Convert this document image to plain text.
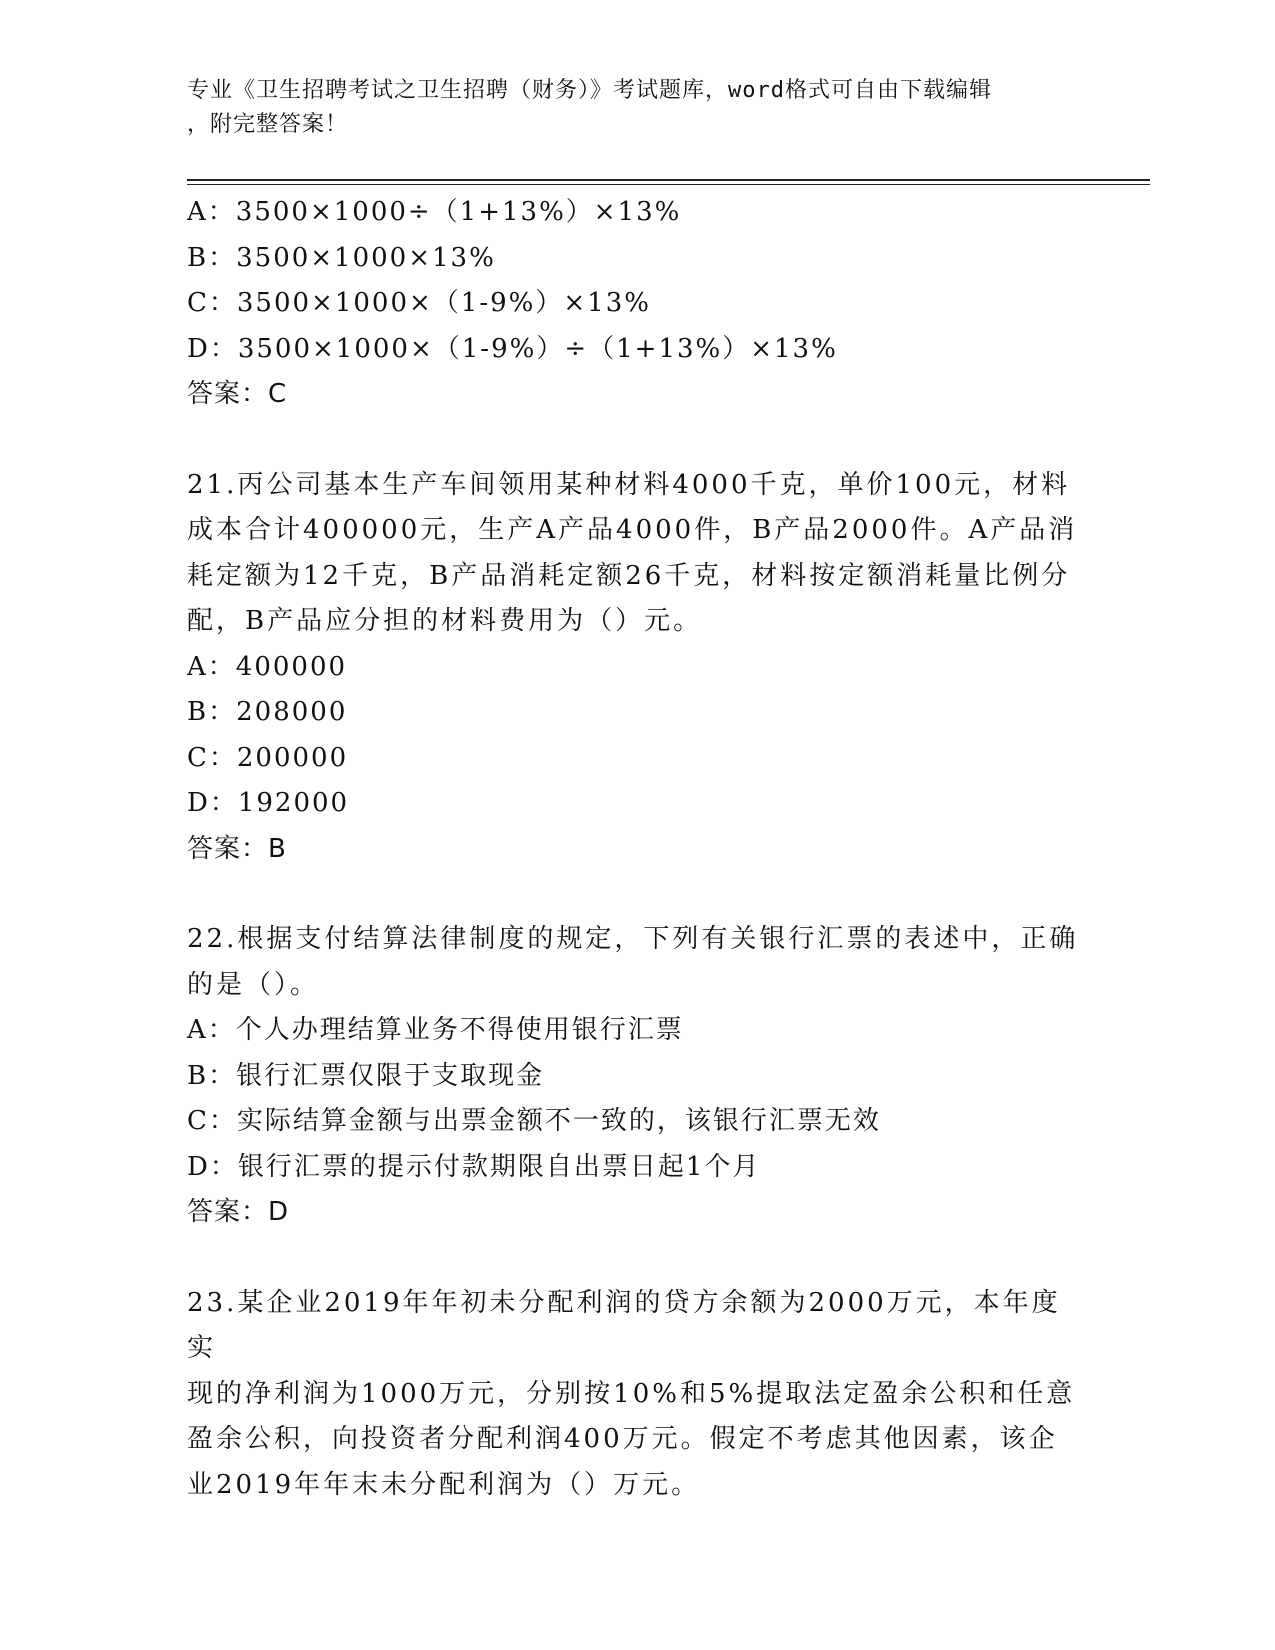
专业《卫生招聘考试之卫生招聘（财务）》考试题库，word格式可自由下载编辑
，附完整答案！
A：3500×1000÷（1+13%）×13%
B：3500×1000×13%
C：3500×1000×（1-9%）×13%
D：3500×1000×（1-9%）÷（1+13%）×13%
答案：C
21.丙公司基本生产车间领用某种材料4000千克，单价100元，材料
成本合计400000元，生产A产品4000件，B产品2000件。A产品消
耗定额为12千克，B产品消耗定额26千克，材料按定额消耗量比例分
配，B产品应分担的材料费用为（）元。
A：400000
B：208000
C：200000
D：192000
答案：B
22.根据支付结算法律制度的规定，下列有关银行汇票的表述中，正确
的是（）。
A：个人办理结算业务不得使用银行汇票
B：银行汇票仅限于支取现金
C：实际结算金额与出票金额不一致的，该银行汇票无效
D：银行汇票的提示付款期限自出票日起1个月
答案：D
23.某企业2019年年初未分配利润的贷方余额为2000万元，本年度实
现的净利润为1000万元，分别按10%和5%提取法定盈余公积和任意
盈余公积，向投资者分配利润400万元。假定不考虑其他因素，该企
业2019年年末未分配利润为（）万元。
